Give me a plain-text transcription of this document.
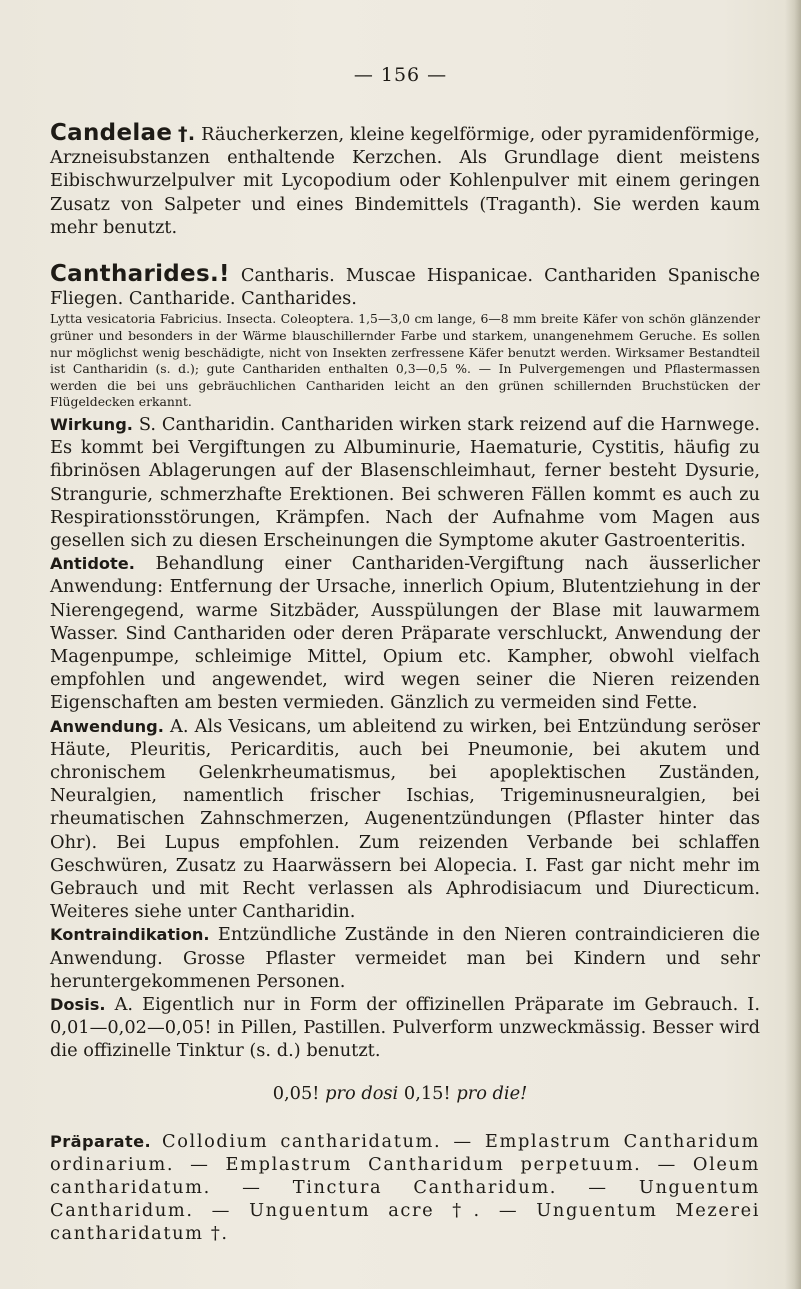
— 156 —

Candelae †. Räucherkerzen, kleine kegelförmige, oder pyramidenförmige, Arzneisubstanzen enthaltende Kerzchen. Als Grundlage dient meistens Eibischwurzelpulver mit Lycopodium oder Kohlenpulver mit einem geringen Zusatz von Salpeter und eines Bindemittels (Traganth). Sie werden kaum mehr benutzt.

Cantharides.! Cantharis. Muscae Hispanicae. Canthariden Spanische Fliegen. Cantharide. Cantharides.

Lytta vesicatoria Fabricius. Insecta. Coleoptera. 1,5—3,0 cm lange, 6—8 mm breite Käfer von schön glänzender grüner und besonders in der Wärme blauschillernder Farbe und starkem, unangenehmem Geruche. Es sollen nur möglichst wenig beschädigte, nicht von Insekten zerfressene Käfer benutzt werden. Wirksamer Bestandteil ist Cantharidin (s. d.); gute Canthariden enthalten 0,3—0,5 %. — In Pulvergemengen und Pflastermassen werden die bei uns gebräuchlichen Canthariden leicht an den grünen schillernden Bruchstücken der Flügeldecken erkannt.

Wirkung. S. Cantharidin. Canthariden wirken stark reizend auf die Harnwege. Es kommt bei Vergiftungen zu Albuminurie, Haematurie, Cystitis, häufig zu fibrinösen Ablagerungen auf der Blasenschleimhaut, ferner besteht Dysurie, Strangurie, schmerzhafte Erektionen. Bei schweren Fällen kommt es auch zu Respirationsstörungen, Krämpfen. Nach der Aufnahme vom Magen aus gesellen sich zu diesen Erscheinungen die Symptome akuter Gastroenteritis.

Antidote. Behandlung einer Canthariden-Vergiftung nach äusserlicher Anwendung: Entfernung der Ursache, innerlich Opium, Blutentziehung in der Nierengegend, warme Sitzbäder, Ausspülungen der Blase mit lauwarmem Wasser. Sind Canthariden oder deren Präparate verschluckt, Anwendung der Magenpumpe, schleimige Mittel, Opium etc. Kampher, obwohl vielfach empfohlen und angewendet, wird wegen seiner die Nieren reizenden Eigenschaften am besten vermieden. Gänzlich zu vermeiden sind Fette.

Anwendung. A. Als Vesicans, um ableitend zu wirken, bei Entzündung seröser Häute, Pleuritis, Pericarditis, auch bei Pneumonie, bei akutem und chronischem Gelenkrheumatismus, bei apoplektischen Zuständen, Neuralgien, namentlich frischer Ischias, Trigeminusneuralgien, bei rheumatischen Zahnschmerzen, Augenentzündungen (Pflaster hinter das Ohr). Bei Lupus empfohlen. Zum reizenden Verbande bei schlaffen Geschwüren, Zusatz zu Haarwässern bei Alopecia. I. Fast gar nicht mehr im Gebrauch und mit Recht verlassen als Aphrodisiacum und Diurecticum. Weiteres siehe unter Cantharidin.

Kontraindikation. Entzündliche Zustände in den Nieren contraindicieren die Anwendung. Grosse Pflaster vermeidet man bei Kindern und sehr heruntergekommenen Personen.

Dosis. A. Eigentlich nur in Form der offizinellen Präparate im Gebrauch. I. 0,01—0,02—0,05! in Pillen, Pastillen. Pulverform unzweckmässig. Besser wird die offizinelle Tinktur (s. d.) benutzt.

0,05! pro dosi 0,15! pro die!

Präparate. Collodium cantharidatum. — Emplastrum Cantharidum ordinarium. — Emplastrum Cantharidum perpetuum. — Oleum cantharidatum. — Tinctura Cantharidum. — Unguentum Cantharidum. — Unguentum acre †. — Unguentum Mezerei cantharidatum †.
